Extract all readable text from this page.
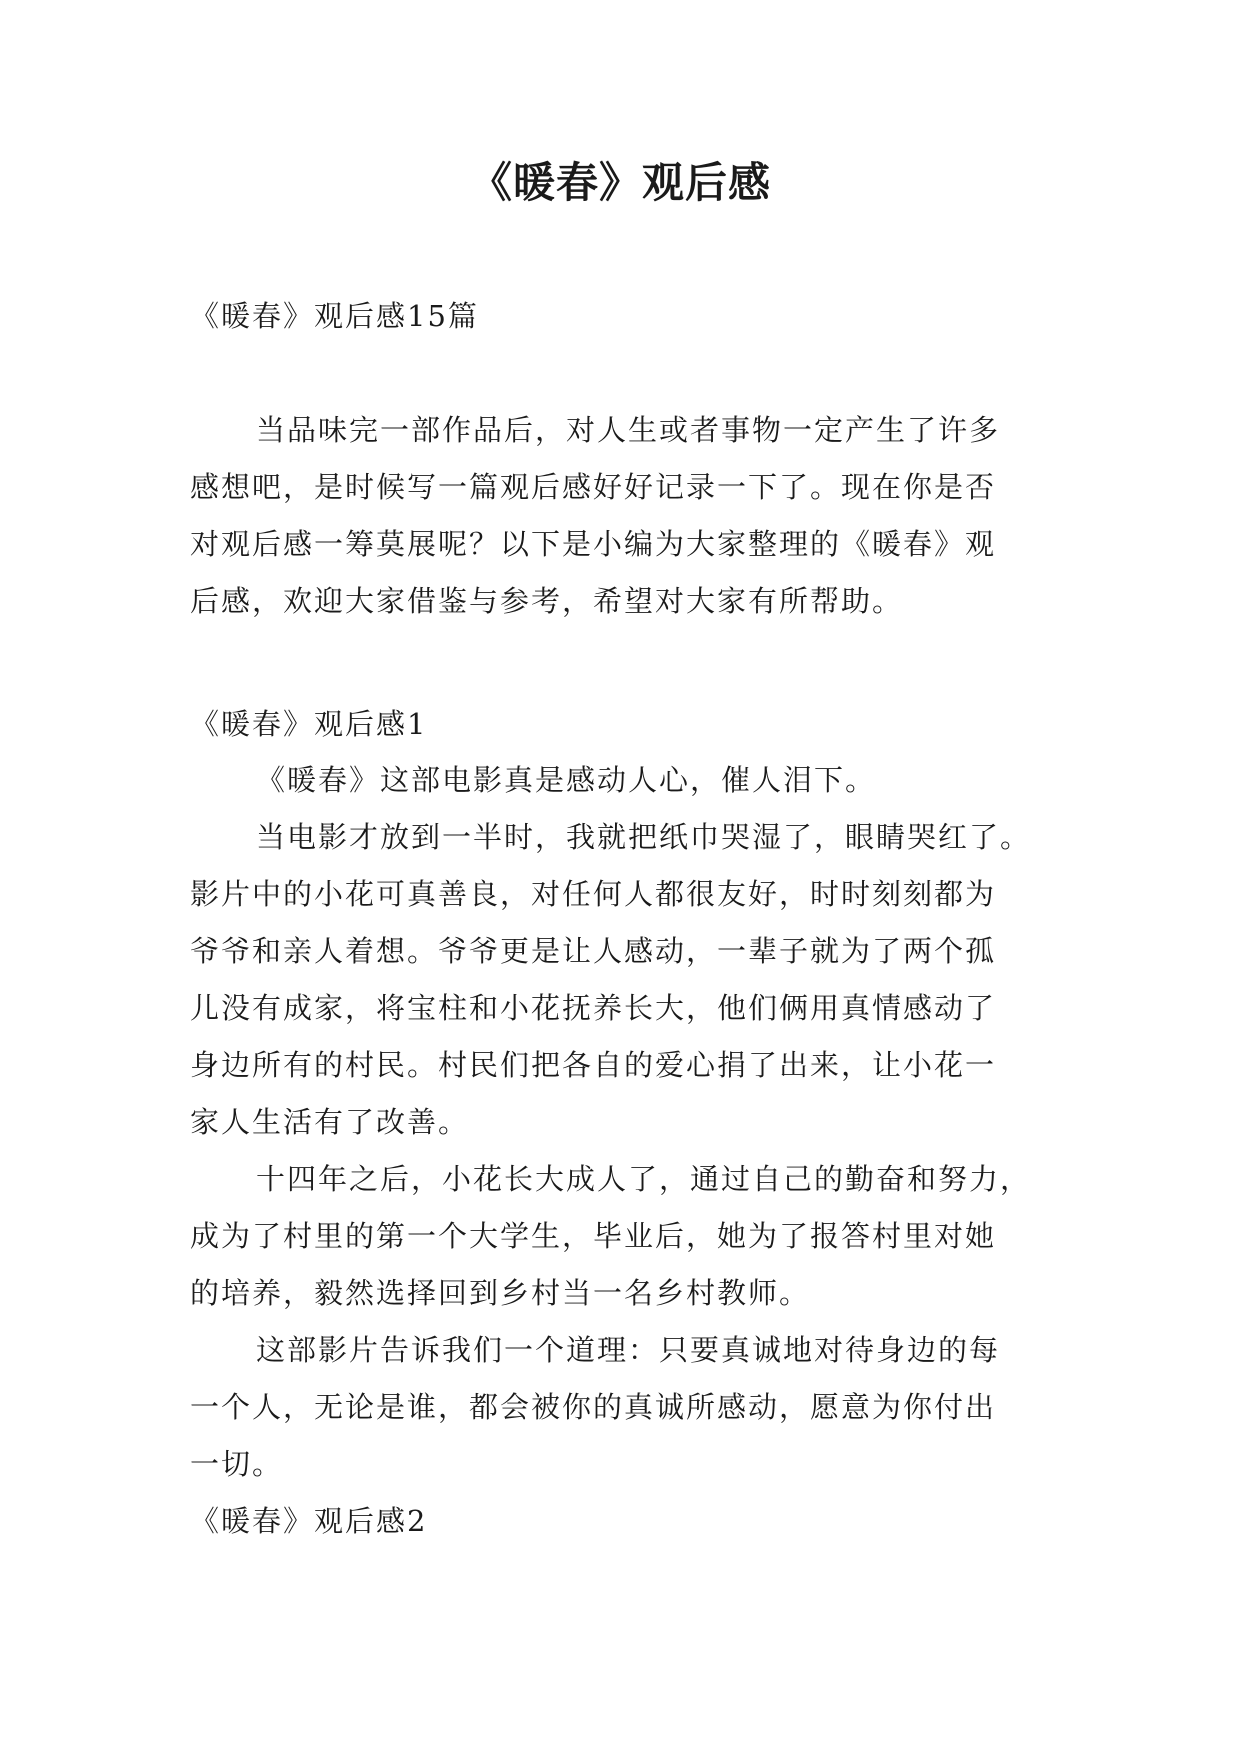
《暖春》观后感
《暖春》观后感15篇
当品味完一部作品后，对人生或者事物一定产生了许多
感想吧，是时候写一篇观后感好好记录一下了。现在你是否
对观后感一筹莫展呢？以下是小编为大家整理的《暖春》观
后感，欢迎大家借鉴与参考，希望对大家有所帮助。
《暖春》观后感1
《暖春》这部电影真是感动人心，催人泪下。
当电影才放到一半时，我就把纸巾哭湿了，眼睛哭红了。
影片中的小花可真善良，对任何人都很友好，时时刻刻都为
爷爷和亲人着想。爷爷更是让人感动，一辈子就为了两个孤
儿没有成家，将宝柱和小花抚养长大，他们俩用真情感动了
身边所有的村民。村民们把各自的爱心捐了出来，让小花一
家人生活有了改善。
十四年之后，小花长大成人了，通过自己的勤奋和努力，
成为了村里的第一个大学生，毕业后，她为了报答村里对她
的培养，毅然选择回到乡村当一名乡村教师。
这部影片告诉我们一个道理：只要真诚地对待身边的每
一个人，无论是谁，都会被你的真诚所感动，愿意为你付出
一切。
《暖春》观后感2
